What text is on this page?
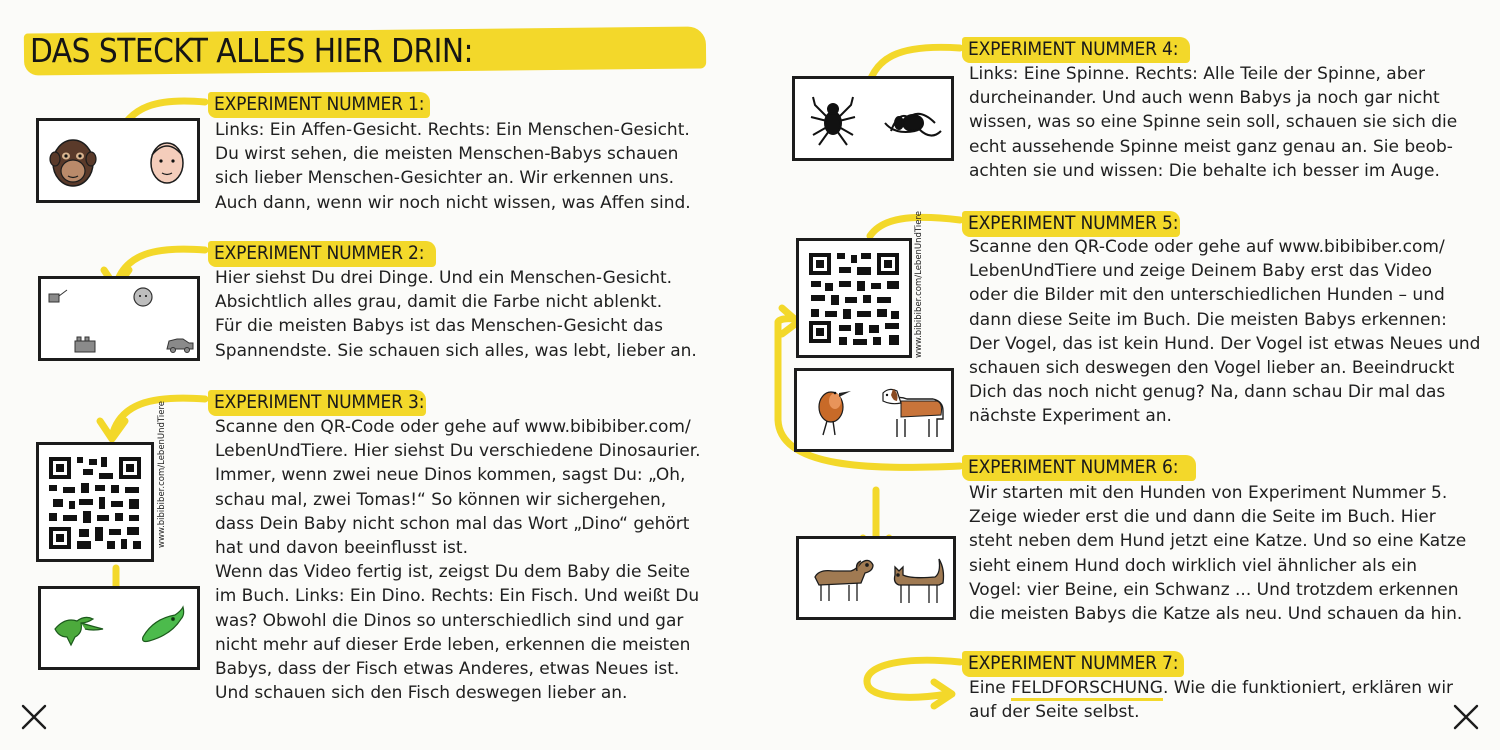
DAS STECKT ALLES HIER DRIN:
EXPERIMENT NUMMER 1:
Links: Ein Affen-Gesicht. Rechts: Ein Menschen-Gesicht.
Du wirst sehen, die meisten Menschen-Babys schauen
sich lieber Menschen-Gesichter an. Wir erkennen uns.
Auch dann, wenn wir noch nicht wissen, was Affen sind.
EXPERIMENT NUMMER 2:
Hier siehst Du drei Dinge. Und ein Menschen-Gesicht.
Absichtlich alles grau, damit die Farbe nicht ablenkt.
Für die meisten Babys ist das Menschen-Gesicht das
Spannendste. Sie schauen sich alles, was lebt, lieber an.
EXPERIMENT NUMMER 3:
www.bibibiber.com/LebenUndTiere	Scanne den QR-Code oder gehe auf www.bibibiber.com/
LebenUndTiere. Hier siehst Du verschiedene Dinosaurier.
Immer, wenn zwei neue Dinos kommen, sagst Du: „Oh,
schau mal, zwei Tomas!“ So können wir sichergehen,
dass Dein Baby nicht schon mal das Wort „Dino“ gehört
hat und davon beeinflusst ist.
Wenn das Video fertig ist, zeigst Du dem Baby die Seite
im Buch. Links: Ein Dino. Rechts: Ein Fisch. Und weißt Du
was? Obwohl die Dinos so unterschiedlich sind und gar
nicht mehr auf dieser Erde leben, erkennen die meisten
Babys, dass der Fisch etwas Anderes, etwas Neues ist.
Und schauen sich den Fisch deswegen lieber an.
EXPERIMENT NUMMER 4:
Links: Eine Spinne. Rechts: Alle Teile der Spinne, aber
durcheinander. Und auch wenn Babys ja noch gar nicht
wissen, was so eine Spinne sein soll, schauen sie sich die
echt aussehende Spinne meist ganz genau an. Sie beob-
achten sie und wissen: Die behalte ich besser im Auge.
EXPERIMENT NUMMER 5:
www.bibibiber.com/LebenUndTiere	Scanne den QR-Code oder gehe auf www.bibibiber.com/
LebenUndTiere und zeige Deinem Baby erst das Video
oder die Bilder mit den unterschiedlichen Hunden – und
dann diese Seite im Buch. Die meisten Babys erkennen:
Der Vogel, das ist kein Hund. Der Vogel ist etwas Neues und
schauen sich deswegen den Vogel lieber an. Beeindruckt
Dich das noch nicht genug? Na, dann schau Dir mal das
nächste Experiment an.
EXPERIMENT NUMMER 6:
Wir starten mit den Hunden von Experiment Nummer 5.
Zeige wieder erst die und dann die Seite im Buch. Hier
steht neben dem Hund jetzt eine Katze. Und so eine Katze
sieht einem Hund doch wirklich viel ähnlicher als ein
Vogel: vier Beine, ein Schwanz ... Und trotzdem erkennen
die meisten Babys die Katze als neu. Und schauen da hin.
EXPERIMENT NUMMER 7:
Eine FELDFORSCHUNG. Wie die funktioniert, erklären wir
auf der Seite selbst.
